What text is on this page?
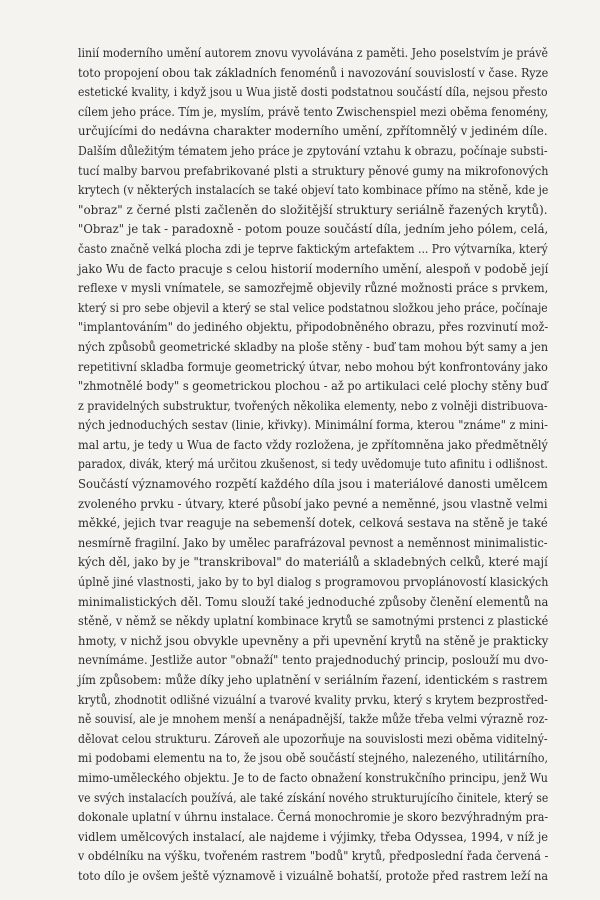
linií moderního umění autorem znovu vyvolávána z paměti. Jeho poselstvím je právě
toto propojení obou tak základních fenoménů i navozování souvislostí v čase. Ryze
estetické kvality, i když jsou u Wua jistě dosti podstatnou součástí díla, nejsou přesto
cílem jeho práce. Tím je, myslím, právě tento Zwischenspiel mezi oběma fenomény,
určujícími do nedávna charakter moderního umění, zpřítomnělý v jediném díle.
Dalším důležitým tématem jeho práce je zpytování vztahu k obrazu, počínaje substi-
tucí malby barvou prefabrikované plsti a struktury pěnové gumy na mikrofonových
krytech (v některých instalacích se také objeví tato kombinace přímo na stěně, kde je
"obraz" z černé plsti začleněn do složitější struktury seriálně řazených krytů).
"Obraz" je tak - paradoxně - potom pouze součástí díla, jedním jeho pólem, celá,
často značně velká plocha zdi je teprve faktickým artefaktem ... Pro výtvarníka, který
jako Wu de facto pracuje s celou historií moderního umění, alespoň v podobě její
reflexe v mysli vnímatele, se samozřejmě objevily různé možnosti práce s prvkem,
který si pro sebe objevil a který se stal velice podstatnou složkou jeho práce, počínaje
"implantováním" do jediného objektu, připodobněného obrazu, přes rozvinutí mož-
ných způsobů geometrické skladby na ploše stěny - buď tam mohou být samy a jen
repetitivní skladba formuje geometrický útvar, nebo mohou být konfrontovány jako
"zhmotnělé body" s geometrickou plochou - až po artikulaci celé plochy stěny buď
z pravidelných substruktur, tvořených několika elementy, nebo z volněji distribuova-
ných jednoduchých sestav (linie, křivky). Minimální forma, kterou "známe" z mini-
mal artu, je tedy u Wua de facto vždy rozložena, je zpřítomněna jako předmětnělý
paradox, divák, který má určitou zkušenost, si tedy uvědomuje tuto afinitu i odlišnost.
Součástí významového rozpětí každého díla jsou i materiálové danosti umělcem
zvoleného prvku - útvary, které působí jako pevné a neměnné, jsou vlastně velmi
měkké, jejich tvar reaguje na sebemenší dotek, celková sestava na stěně je také
nesmírně fragilní. Jako by umělec parafrázoval pevnost a neměnnost minimalistic-
kých děl, jako by je "transkriboval" do materiálů a skladebných celků, které mají
úplně jiné vlastnosti, jako by to byl dialog s programovou prvoplánovostí klasických
minimalistických děl. Tomu slouží také jednoduché způsoby členění elementů na
stěně, v němž se někdy uplatní kombinace krytů se samotnými prstenci z plastické
hmoty, v nichž jsou obvykle upevněny a při upevnění krytů na stěně je prakticky
nevnímáme. Jestliže autor "obnaží" tento prajednoduchý princip, poslouží mu dvo-
jím způsobem: může díky jeho uplatnění v seriálním řazení, identickém s rastrem
krytů, zhodnotit odlišné vizuální a tvarové kvality prvku, který s krytem bezprostřed-
ně souvisí, ale je mnohem menší a nenápadnější, takže může třeba velmi výrazně roz-
dělovat celou strukturu. Zároveň ale upozorňuje na souvislosti mezi oběma viditelný-
mi podobami elementu na to, že jsou obě součástí stejného, nalezeného, utilitárního,
mimo-uměleckého objektu. Je to de facto obnažení konstrukčního principu, jenž Wu
ve svých instalacích používá, ale také získání nového strukturujícího činitele, který se
dokonale uplatní v úhrnu instalace. Černá monochromie je skoro bezvýhradným pra-
vidlem umělcových instalací, ale najdeme i výjimky, třeba Odyssea, 1994, v níž je
v obdélníku na výšku, tvořeném rastrem "bodů" krytů, předposlední řada červená -
toto dílo je ovšem ještě významově i vizuálně bohatší, protože před rastrem leží na
